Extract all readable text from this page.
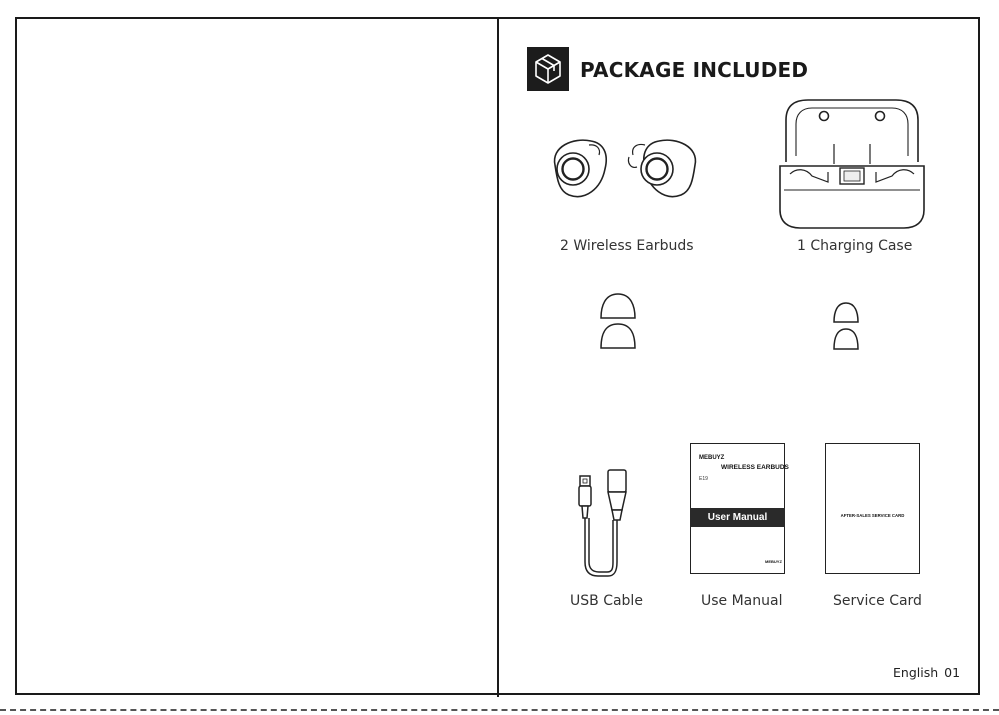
PACKAGE INCLUDED
2 Wireless Earbuds	1 Charging Case
USB Cable
MEBUYZ
WIRELESS EARBUDS
E19
User Manual
MEBUYZ
Use Manual
AFTER-SALES SERVICE CARD
Service Card
English 01
